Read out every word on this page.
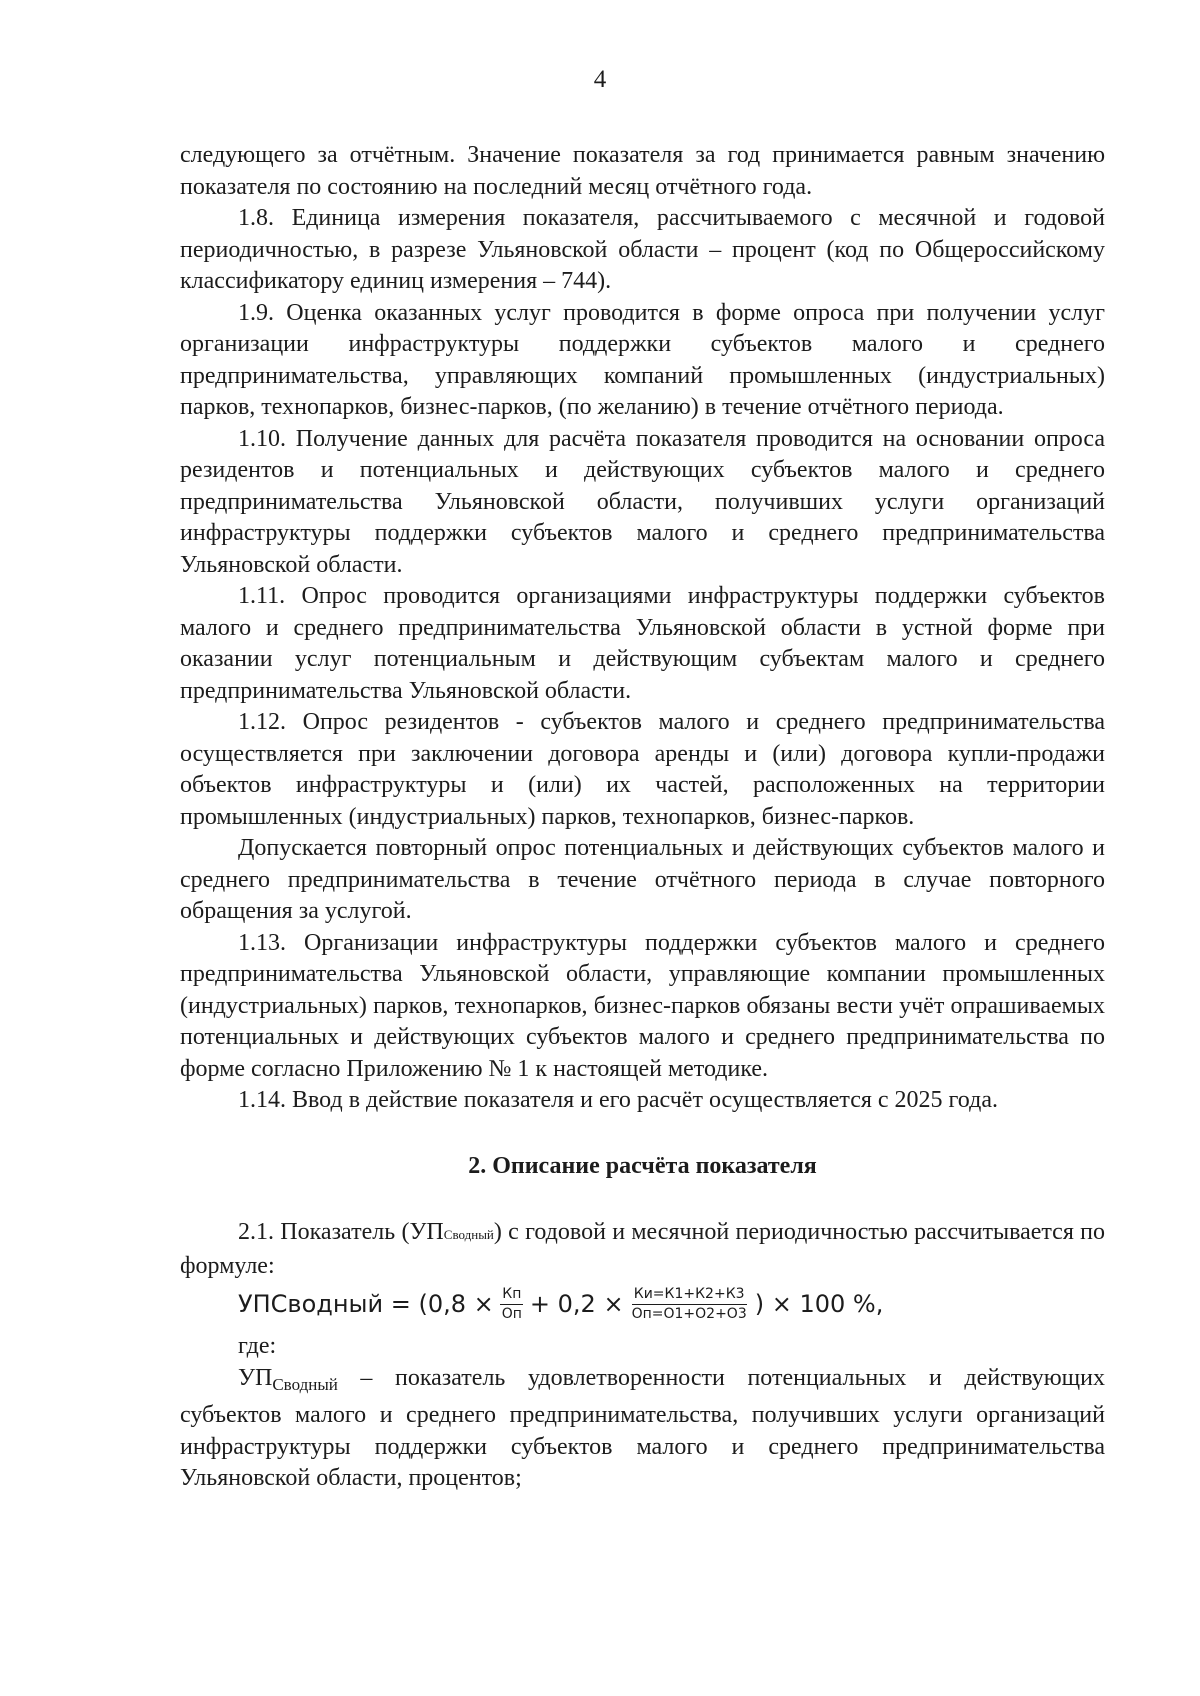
4

следующего за отчётным. Значение показателя за год принимается равным значению показателя по состоянию на последний месяц отчётного года.

1.8. Единица измерения показателя, рассчитываемого с месячной и годовой периодичностью, в разрезе Ульяновской области – процент (код по Общероссийскому классификатору единиц измерения – 744).

1.9. Оценка оказанных услуг проводится в форме опроса при получении услуг организации инфраструктуры поддержки субъектов малого и среднего предпринимательства, управляющих компаний промышленных (индустриальных) парков, технопарков, бизнес-парков, (по желанию) в течение отчётного периода.

1.10. Получение данных для расчёта показателя проводится на основании опроса резидентов и потенциальных и действующих субъектов малого и среднего предпринимательства Ульяновской области, получивших услуги организаций инфраструктуры поддержки субъектов малого и среднего предпринимательства Ульяновской области.

1.11. Опрос проводится организациями инфраструктуры поддержки субъектов малого и среднего предпринимательства Ульяновской области в устной форме при оказании услуг потенциальным и действующим субъектам малого и среднего предпринимательства Ульяновской области.

1.12. Опрос резидентов - субъектов малого и среднего предпринимательства осуществляется при заключении договора аренды и (или) договора купли-продажи объектов инфраструктуры и (или) их частей, расположенных на территории промышленных (индустриальных) парков, технопарков, бизнес-парков.

Допускается повторный опрос потенциальных и действующих субъектов малого и среднего предпринимательства в течение отчётного периода в случае повторного обращения за услугой.

1.13. Организации инфраструктуры поддержки субъектов малого и среднего предпринимательства Ульяновской области, управляющие компании промышленных (индустриальных) парков, технопарков, бизнес-парков обязаны вести учёт опрашиваемых потенциальных и действующих субъектов малого и среднего предпринимательства по форме согласно Приложению № 1 к настоящей методике.

1.14. Ввод в действие показателя и его расчёт осуществляется с 2025 года.

2. Описание расчёта показателя

2.1. Показатель (УПСводный) с годовой и месячной периодичностью рассчитывается по формуле:

УПСводный = ($0,8 \times \frac{Кп}{Оп} + 0,2 \times \frac{Ки=К1+К2+К3}{Оп=О1+О2+О3}$ ) × 100 %,

где:

$УП_{Сводный}$ – показатель удовлетворенности потенциальных и действующих субъектов малого и среднего предпринимательства, получивших услуги организаций инфраструктуры поддержки субъектов малого и среднего предпринимательства Ульяновской области, процентов;
